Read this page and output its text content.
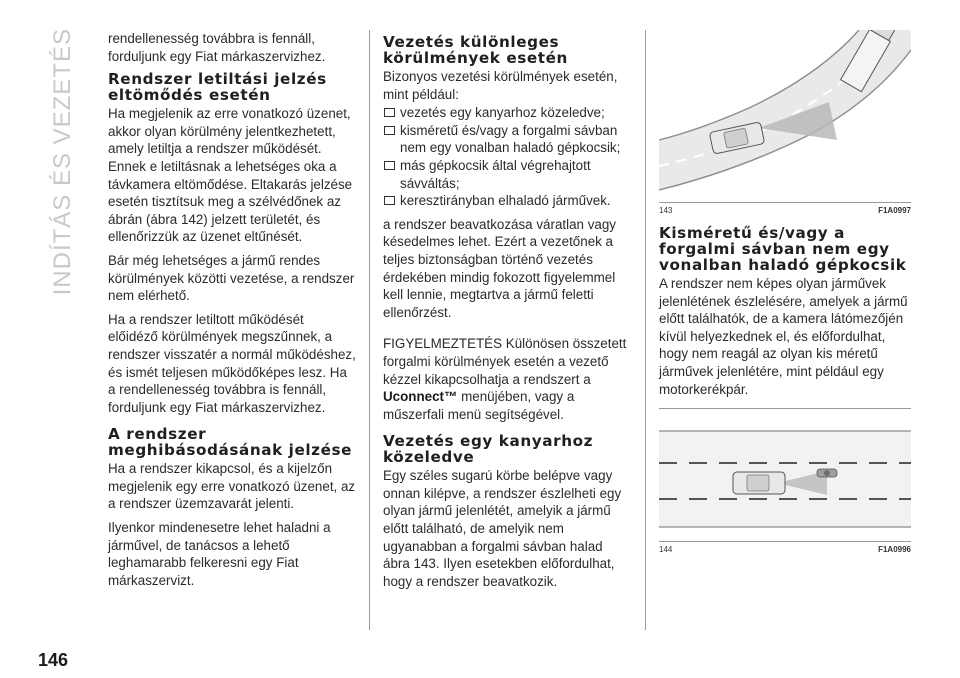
INDÍTÁS ÉS VEZETÉS rendellenesség továbbra is fennáll, forduljunk egy Fiat márkaszervizhez.

Rendszer letiltási jelzés eltömődés esetén

Ha megjelenik az erre vonatkozó üzenet, akkor olyan körülmény jelentkezhetett, amely letiltja a rendszer működését. Ennek e letiltásnak a lehetséges oka a távkamera eltömődése. Eltakarás jelzése esetén tisztítsuk meg a szélvédőnek az ábrán (ábra 142) jelzett területét, és ellenőrizzük az üzenet eltűnését.

Bár még lehetséges a jármű rendes körülmények közötti vezetése, a rendszer nem elérhető.

Ha a rendszer letiltott működését előidéző körülmények megszűnnek, a rendszer visszatér a normál működéshez, és ismét teljesen működőképes lesz. Ha a rendellenesség továbbra is fennáll, forduljunk egy Fiat márkaszervizhez.

A rendszer meghibásodásának jelzése

Ha a rendszer kikapcsol, és a kijelzőn megjelenik egy erre vonatkozó üzenet, az a rendszer üzemzavarát jelenti.

Ilyenkor mindenesetre lehet haladni a járművel, de tanácsos a lehető leghamarabb felkeresni egy Fiat márkaszervizt.

Vezetés különleges körülmények esetén

Bizonyos vezetési körülmények esetén, mint például:

vezetés egy kanyarhoz közeledve;
kisméretű és/vagy a forgalmi sávban nem egy vonalban haladó gépkocsik;
más gépkocsik által végrehajtott sávváltás;
keresztirányban elhaladó járművek.

a rendszer beavatkozása váratlan vagy késedelmes lehet. Ezért a vezetőnek a teljes biztonságban történő vezetés érdekében mindig fokozott figyelemmel kell lennie, megtartva a jármű feletti ellenőrzést.

FIGYELMEZTETÉS Különösen összetett forgalmi körülmények esetén a vezető kézzel kikapcsolhatja a rendszert a Uconnect™ menüjében, vagy a műszerfali menü segítségével.

Vezetés egy kanyarhoz közeledve

Egy széles sugarú körbe belépve vagy onnan kilépve, a rendszer észlelheti egy olyan jármű jelenlétét, amelyik a jármű előtt található, de amelyik nem ugyanabban a forgalmi sávban halad ábra 143. Ilyen esetekben előfordulhat, hogy a rendszer beavatkozik.

143	F1A0997
Kisméretű és/vagy a forgalmi sávban nem egy vonalban haladó gépkocsik

A rendszer nem képes olyan járművek jelenlétének észlelésére, amelyek a jármű előtt találhatók, de a kamera látómezőjén kívül helyezkednek el, és előfordulhat, hogy nem reagál az olyan kis méretű járművek jelenlétére, mint például egy motorkerékpár.

144	F1A0996
146
